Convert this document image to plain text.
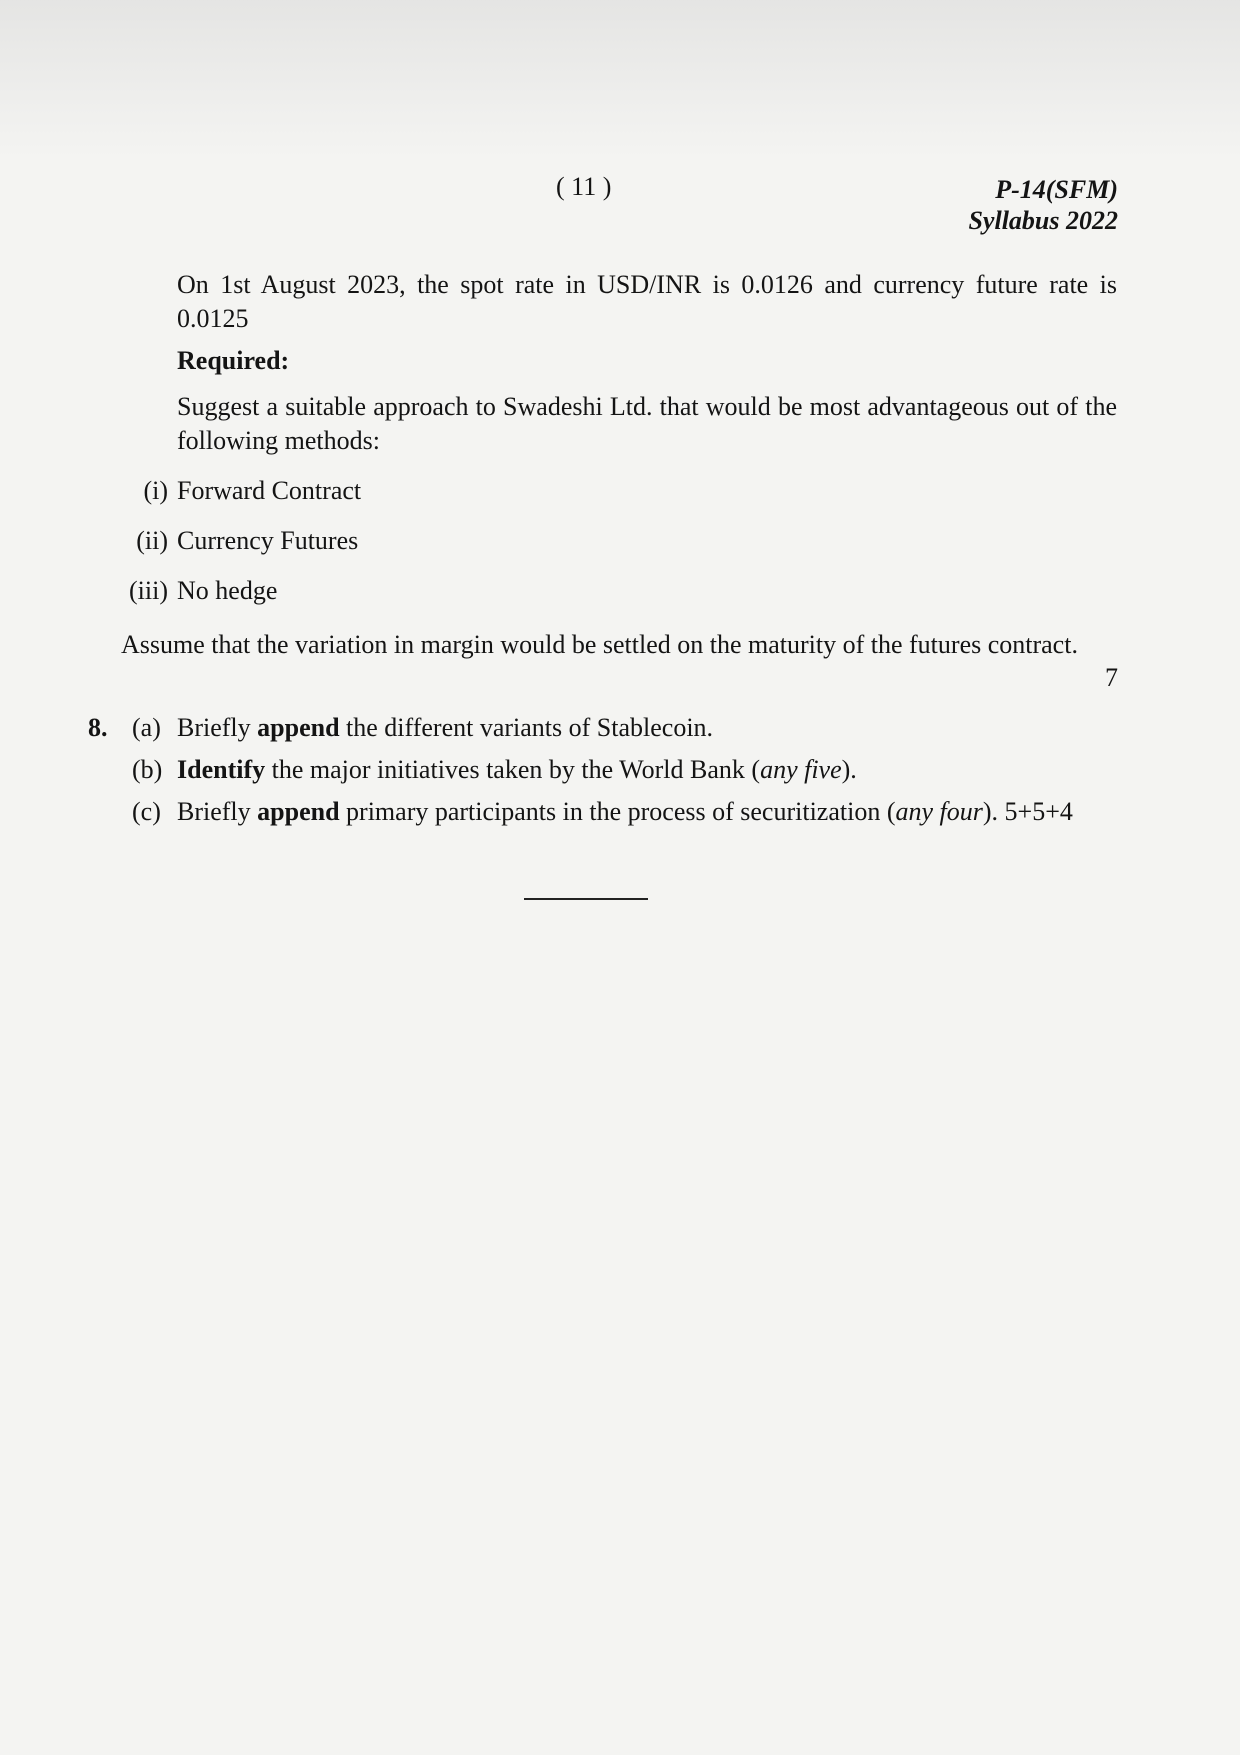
( 11 )	P-14(SFM)
Syllabus 2022
On 1st August 2023, the spot rate in USD/INR is 0.0126 and currency future rate is 0.0125
Required:
Suggest a suitable approach to Swadeshi Ltd. that would be most advantageous out of the following methods:
(i) Forward Contract
(ii) Currency Futures
(iii) No hedge
Assume that the variation in margin would be settled on the maturity of the futures contract.
7
8. (a) Briefly append the different variants of Stablecoin.
(b) Identify the major initiatives taken by the World Bank (any five).
(c) Briefly append primary participants in the process of securitization (any four). 5+5+4
